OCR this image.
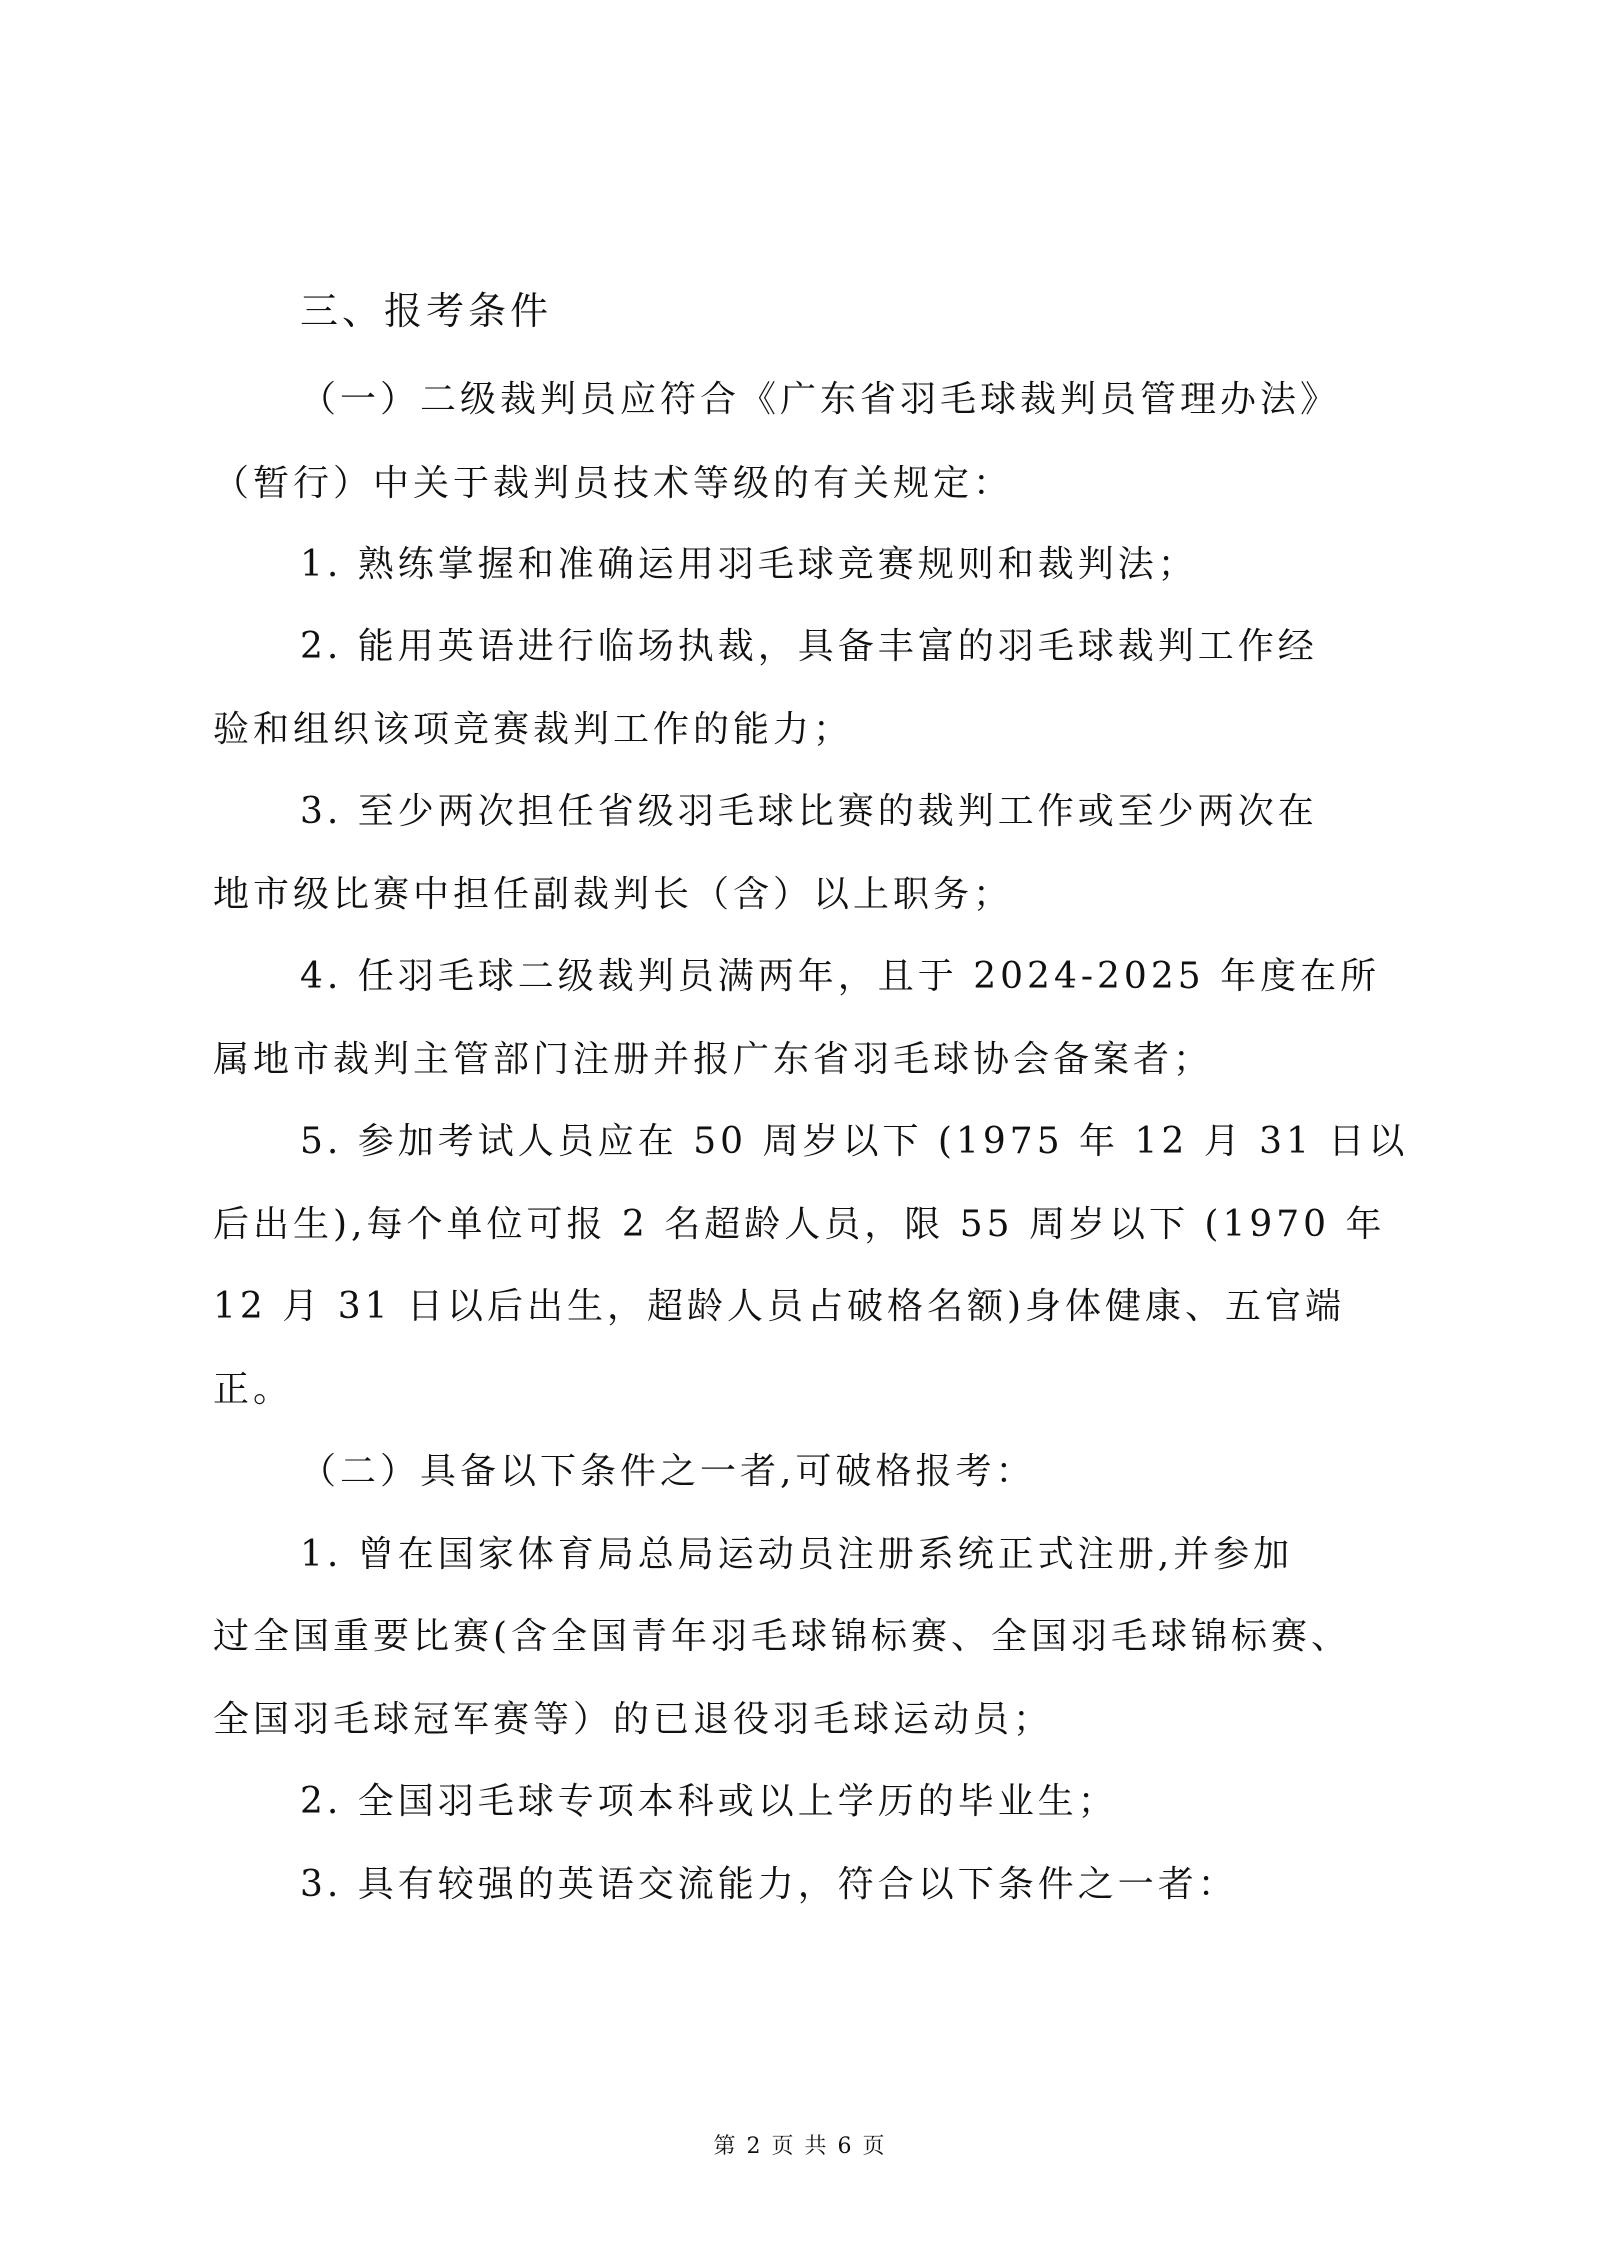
三、报考条件
（一）二级裁判员应符合《广东省羽毛球裁判员管理办法》
（暂行）中关于裁判员技术等级的有关规定：
1. 熟练掌握和准确运用羽毛球竞赛规则和裁判法；
2. 能用英语进行临场执裁，具备丰富的羽毛球裁判工作经
验和组织该项竞赛裁判工作的能力；
3. 至少两次担任省级羽毛球比赛的裁判工作或至少两次在
地市级比赛中担任副裁判长（含）以上职务；
4. 任羽毛球二级裁判员满两年，且于 2024-2025 年度在所
属地市裁判主管部门注册并报广东省羽毛球协会备案者；
5. 参加考试人员应在 50 周岁以下 (1975 年 12 月 31 日以
后出生),每个单位可报 2 名超龄人员，限 55 周岁以下 (1970 年
12 月 31 日以后出生，超龄人员占破格名额)身体健康、五官端
正。
（二）具备以下条件之一者,可破格报考：
1. 曾在国家体育局总局运动员注册系统正式注册,并参加
过全国重要比赛(含全国青年羽毛球锦标赛、全国羽毛球锦标赛、
全国羽毛球冠军赛等）的已退役羽毛球运动员；
2. 全国羽毛球专项本科或以上学历的毕业生；
3. 具有较强的英语交流能力，符合以下条件之一者：
第 2 页 共 6 页
